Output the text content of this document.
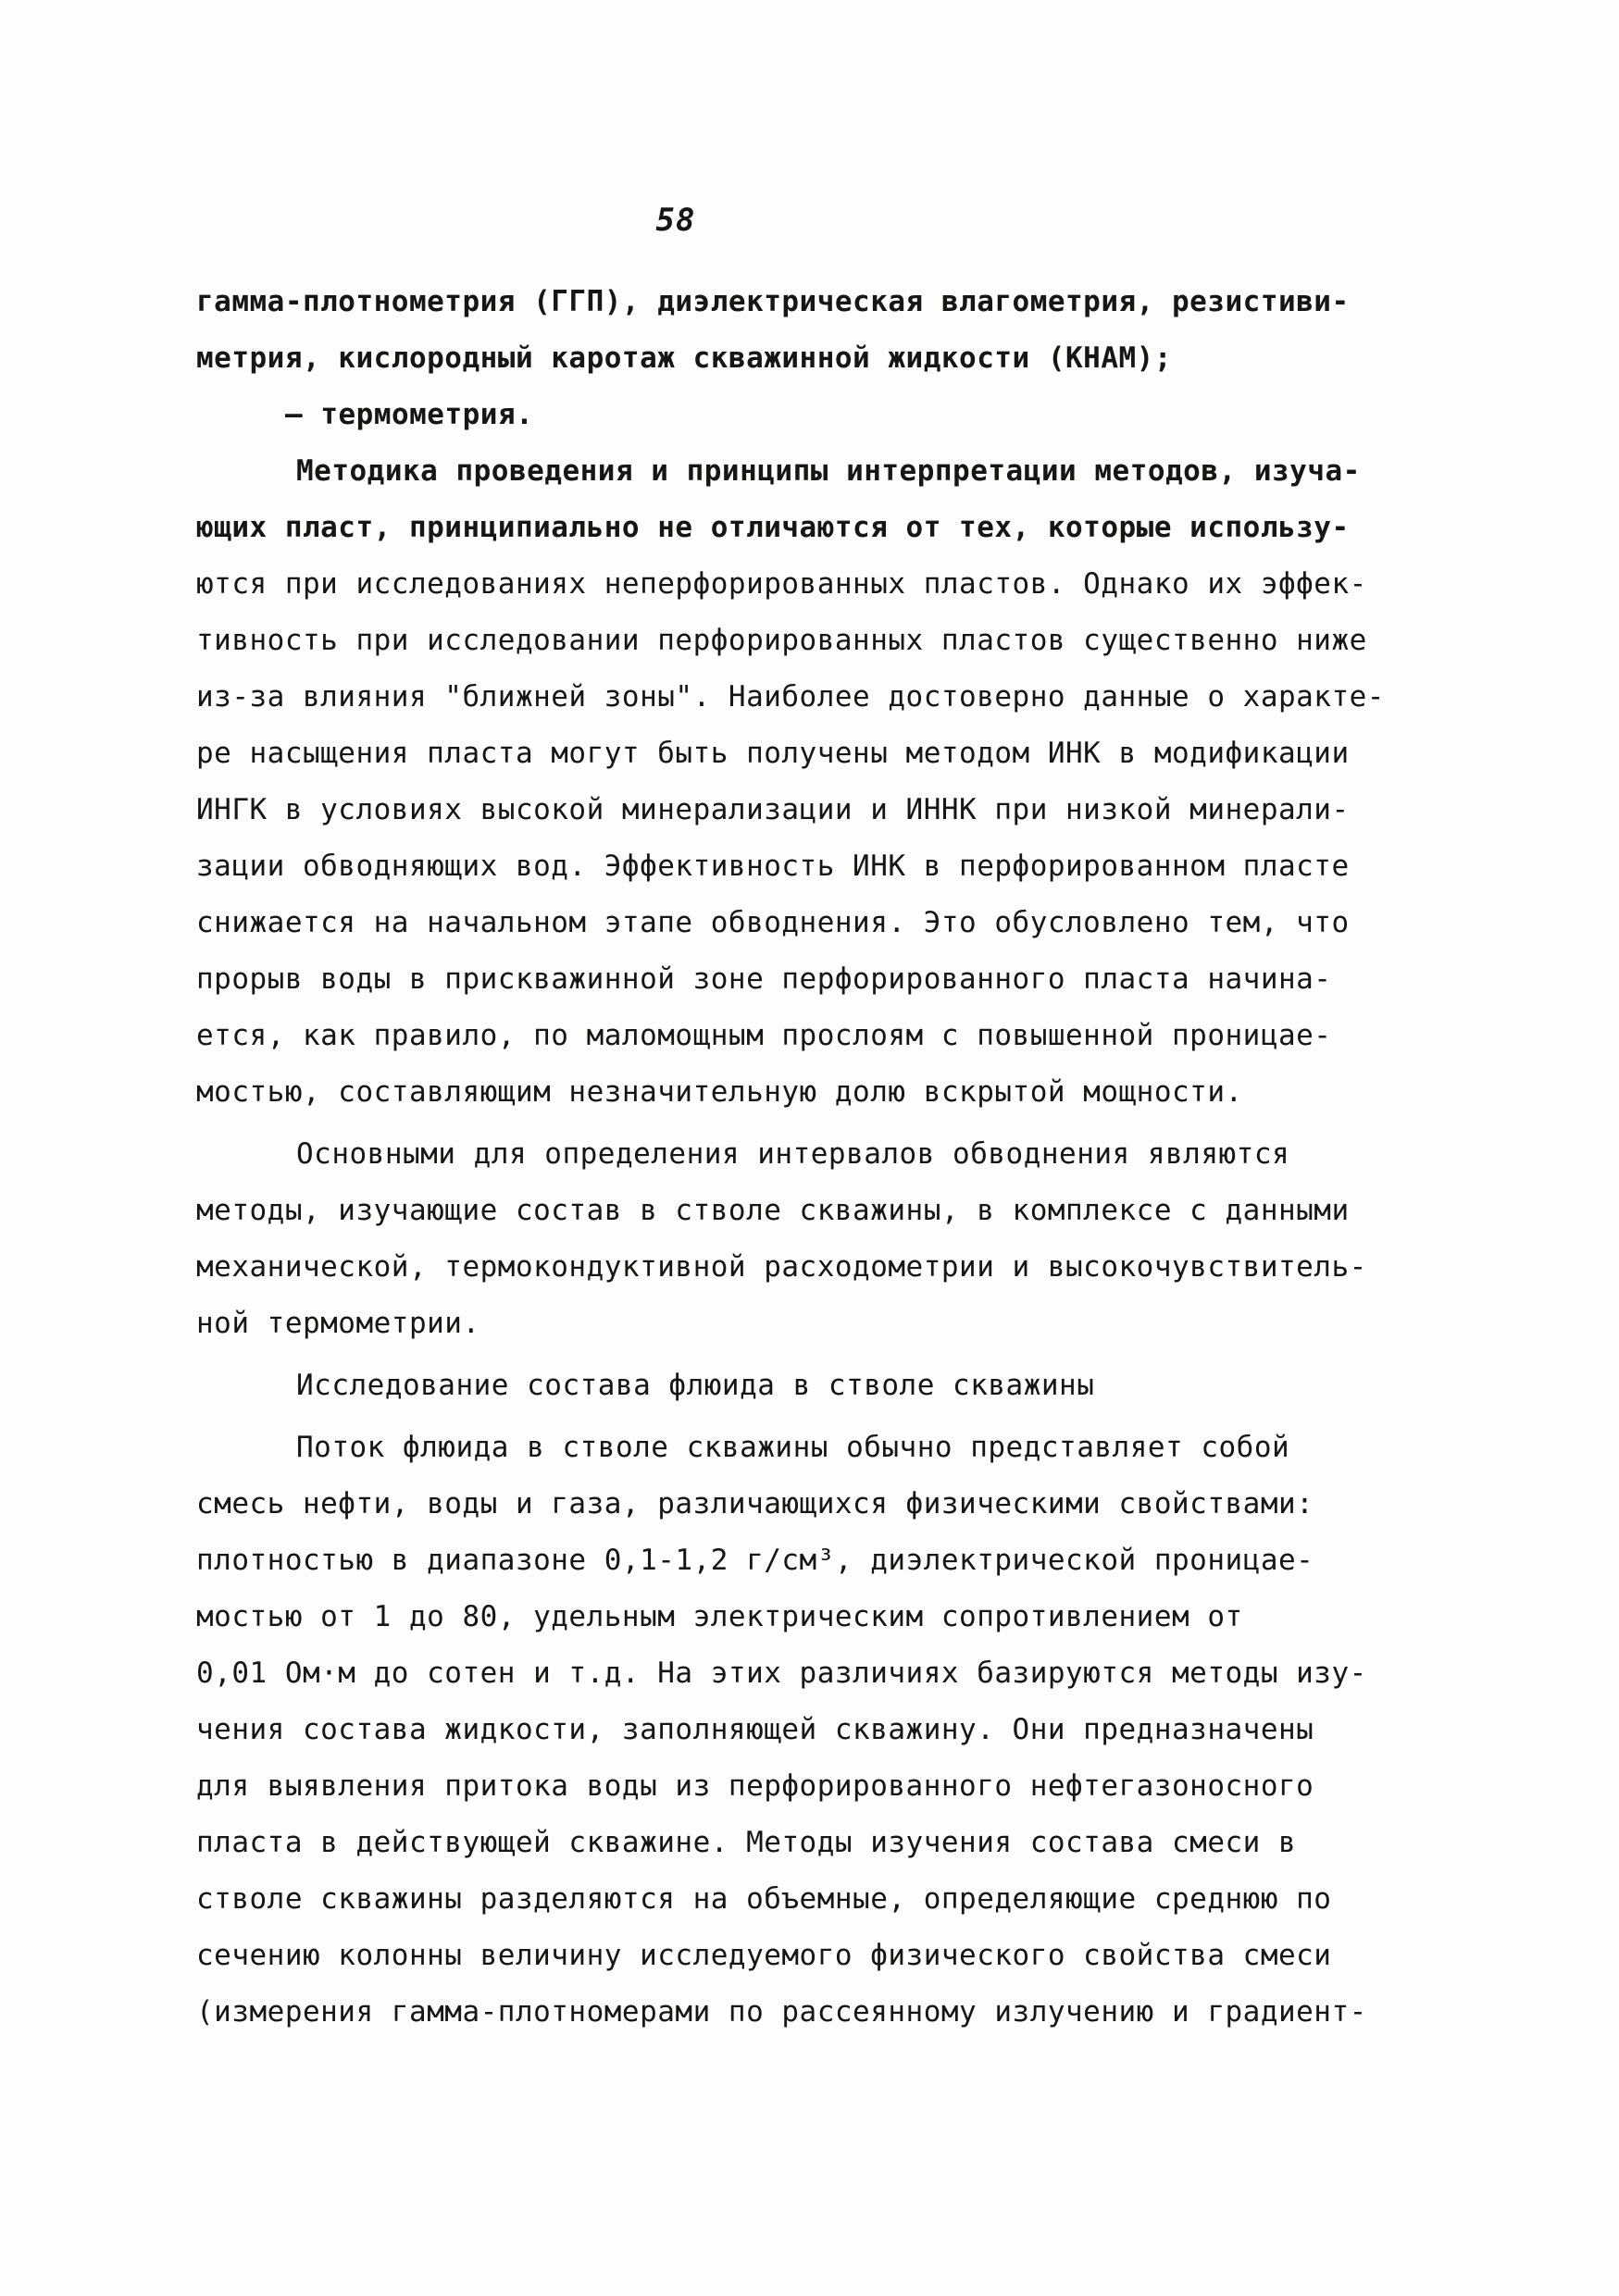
58
гамма-плотнометрия (ГГП), диэлектрическая влагометрия, резистиви-
метрия, кислородный каротаж скважинной жидкости (КНАМ);
– термометрия.
Методика проведения и принципы интерпретации методов, изуча-
ющих пласт, принципиально не отличаются от тех, которые использу-
ются при исследованиях неперфорированных пластов. Однако их эффек-
тивность при исследовании перфорированных пластов существенно ниже
из-за влияния "ближней зоны". Наиболее достоверно данные о характе-
ре насыщения пласта могут быть получены методом ИНК в модификации
ИНГК в условиях высокой минерализации и ИННК при низкой минерали-
зации обводняющих вод. Эффективность ИНК в перфорированном пласте
снижается на начальном этапе обводнения. Это обусловлено тем, что
прорыв воды в прискважинной зоне перфорированного пласта начина-
ется, как правило, по маломощным прослоям с повышенной проницае-
мостью, составляющим незначительную долю вскрытой мощности.
Основными для определения интервалов обводнения являются
методы, изучающие состав в стволе скважины, в комплексе с данными
механической, термокондуктивной расходометрии и высокочувствитель-
ной термометрии.
Исследование состава флюида в стволе скважины
Поток флюида в стволе скважины обычно представляет собой
смесь нефти, воды и газа, различающихся физическими свойствами:
плотностью в диапазоне 0,1-1,2 г/см³, диэлектрической проницае-
мостью от 1 до 80, удельным электрическим сопротивлением от
0,01 Ом·м до сотен и т.д. На этих различиях базируются методы изу-
чения состава жидкости, заполняющей скважину. Они предназначены
для выявления притока воды из перфорированного нефтегазоносного
пласта в действующей скважине. Методы изучения состава смеси в
стволе скважины разделяются на объемные, определяющие среднюю по
сечению колонны величину исследуемого физического свойства смеси
(измерения гамма-плотномерами по рассеянному излучению и градиент-
